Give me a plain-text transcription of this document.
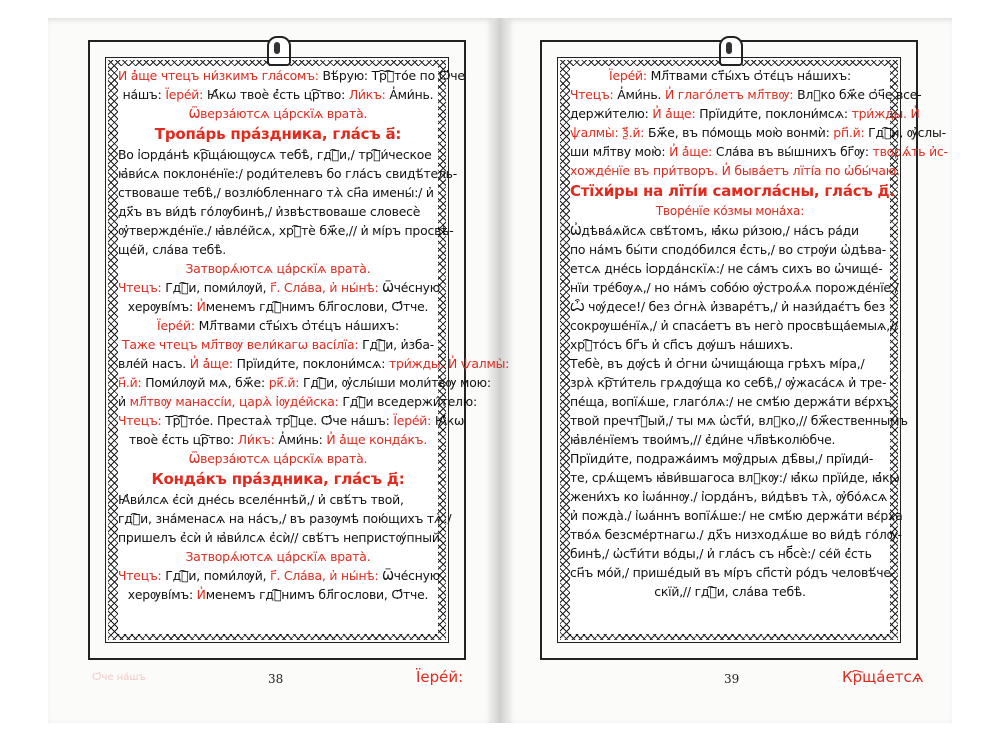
И а҆́ще чтецъ ни́зкимъ гла́сомъ: Вѣ́рую: Тр҇ⷭ҇то́е по Ѻ҆́че
на́шъ: Їере́й: Ꙗ҆́кѡ твоѐ є҆́сть цр҇тво: Ли́къ: А҆ми́нь.
Ѿверза́ютсѧ ца́рскїѧ врата̀.
Тропа́рь пра́здника, гла́съ а҃:
Во і҆ѻрда́нѣ кр҇ща́ющѹсѧ тебѣ̀, гдⷭ҇и,/ трⷪ҇и́ческое
ꙗ҆ви́сѧ поклоне́нїе:/ роди́телевъ бо гла́съ свидѣ́тель-
ствоваше тебѣ̀,/ возлю́бленнаго тѧ̀ сн҃а имены́:/ и҆
дх҃ъ въ ви́дѣ го́лѹбинѣ,/ и҆звѣствоваше словесѐ
ѹ҆твержде́нїе./ ꙗ҆вле́йсѧ, хрⷭ҇тѐ бж҃е,// и҆ мі́ръ просвѣ-
ще́й, сла́ва тебѣ̀.
Затворѧ́ютсѧ ца́рскїѧ врата̀.
Чтецъ: Гдⷭ҇и, поми́лѹй, г҃. Сла́ва, и҆ ны́нѣ: Ѿче́сную
херѹві́мъ: И҆менемъ гдⷭ҇нимъ бл҃гослови, Ѻ҆́тче.
Їере́й: Мл҃твами ст҃ы́хъ ѻ҆тє́цъ на́шихъ:
Таже чтецъ мл҃твѹ вели́кагѡ васі́лїа: Гдⷭ҇и, и҆зба-
вле́й насъ. И҆ а҆́ще: Прїиди́те, поклони́мсѧ: три́жды. И҆ ѱалмы̀:
н҃.й: Поми́лѹй мѧ, бж҃е: рк҃.й: Гдⷭ҇и, ѹ҆слы́ши моли́твѹ мою:
и҆ мл҃твѹ манассі́и, царѧ̀ і҆ѹде́йска: Гдⷭ҇и вседержи́телю:
Чтецъ: Тр҇ⷭ҇то́е. Престаѧ̀ трⷪ҇це. Ѻ҆́че на́шъ: Їере́й: Ꙗ҆́кѡ
твоѐ є҆́сть цр҇тво: Ли́къ: А҆ми́нь: И҆ а҆́ще конда́къ.
Ѿверза́ютсѧ ца́рскїѧ врата̀.
Конда́къ пра́здника, гла́съ д҃:
Ꙗ҆ви́лсѧ є҆сѝ дне́сь вселе́ннѣй,/ и҆ свѣ́тъ твой,
гдⷭ҇и, зна́менасѧ на на́съ,/ въ рaзѹмѣ пою́щихъ тѧ̀:/
пришелъ є҆сѝ и҆ ꙗ҆ви́лсѧ є҆сѝ// свѣ́тъ непристѹ́пный.
Затворѧ́ютсѧ ца́рскїѧ врата̀.
Чтецъ: Гдⷭ҇и, поми́лѹй, г҃. Сла́ва, и҆ ны́нѣ: Ѿче́сную
херѹві́мъ: И҆менемъ гдⷭ҇нимъ бл҃гослови, Ѻ҆́тче.
Їере́й: Мл҃твами ст҃ы́хъ ѻ҆тє́цъ на́шихъ:
Чтецъ: А҆ми́нь. И҆ глаго́летъ мл҃твѹ: Влⷣко бж҃е ѻ҆ч҃е все-
держи́телю: И҆ а҆́ще: Прїиди́те, поклони́мсѧ: три́жды. И҆
ѱалмы̀: ѯ҃.й: Бж҃е, въ по́мощь мою̀ вонмѝ: рп҃.й: Гдⷭ҇и, ѹ҆слы-
ши мл҃тву мою̀: И҆ а҆́ще: Сла́ва въ вы́шнихъ бг҃ѹ: творѧ́ть и҆с-
хожде́нїе въ при́творъ. И҆ быва́етъ лїті́а по ѡ҆бы́чаю.
Стїхи́ры на лїті́и самогла́сны, гла́съ д҃.
Творе́нїе ко́змы мона́ха:
Ѡ҆дѣва́ѧйсѧ свѣ́томъ, ꙗ҆́кѡ ри́зою,/ на́съ ра́ди
по на́мъ бы́ти сподо́бился є҆́сть,/ во стрѹ́и ѡ҆дѣва-
етсѧ дне́сь і҆ѻрда́нскїѧ:/ не са́мъ сихъ во ѡ҆чище́-
нїи тре́бѹѧ,/ но на́мъ собо́ю ѹ҆строѧ́ѧ порожде́нїе./
Ѽ чѹ́десе!/ без ѻ҆гнѧ̀ и҆зваре́тъ,/ и҆ нази́дає́тъ без
сокрѹше́нїѧ,/ и҆ спаса́етъ въ него̀ просвѣща́емыѧ,//
хрⷭ҇то́съ бг҃ъ и҆ сп҃съ дѹ́шъ на́шихъ.
Тебѐ, въ дѹ́сѣ и҆ ѻ҆гни ѡ҆чища́юща грѣхъ мі́ра,/
зрѧ̀ кр҇ти́тель грѧдѹ́ща ко себѣ̀,/ ѹ҆жаса́сѧ и҆ тре-
пе́ща, вопїѧ́ше, глаго́лѧ:/ не смѣ́ю держа́ти вє́рхъ
твой пречтⷭ҇ый,/ ты мѧ ѡ҆ст҃и́, влⷣко,// бж҃ественнымъ
ꙗ҆вле́нїемъ твои́мъ,// є҆ди́не чл҃вѣколю́бче.
Прїиди́те, подража́имъ мѹ̑дрыѧ дѣ̑вы,/ прїиди́-
те, срѧ́щемъ ꙗ҆ви́вшагоса влⷣкѹ:/ ꙗ҆́кѡ прїи́де, ꙗ҆́кѡ
жени́хъ ко і҆ѡа́ннѹ./ і҆ѻрда́нъ, ви́дѣвъ тѧ̀, ѹ҆бо́ѧсѧ
и҆ пожда̀./ і҆ѡа́ннъ вопїѧ́ше:/ не смѣ́ю держа́ти вє́рха
тво́ѧ безсме́ртнагѡ./ дх҃ъ низходѧ́ше во ви́дѣ го́лѹ-
бинѣ,/ ѡ҆ст҃и́ти во́ды,/ и҆ гла́съ съ нб҃сѐ:/ се́й є҆́сть
сн҃ъ мо́й,/ прише́дый въ мі́ръ сп҃стѝ ро́дъ человѣ́че-
скїй,// гдⷭ҇и, сла́ва тебѣ̀.
Ѻ҆́че на́шъ	38	Їере́й:	39	Кр҇ща́етсѧ
